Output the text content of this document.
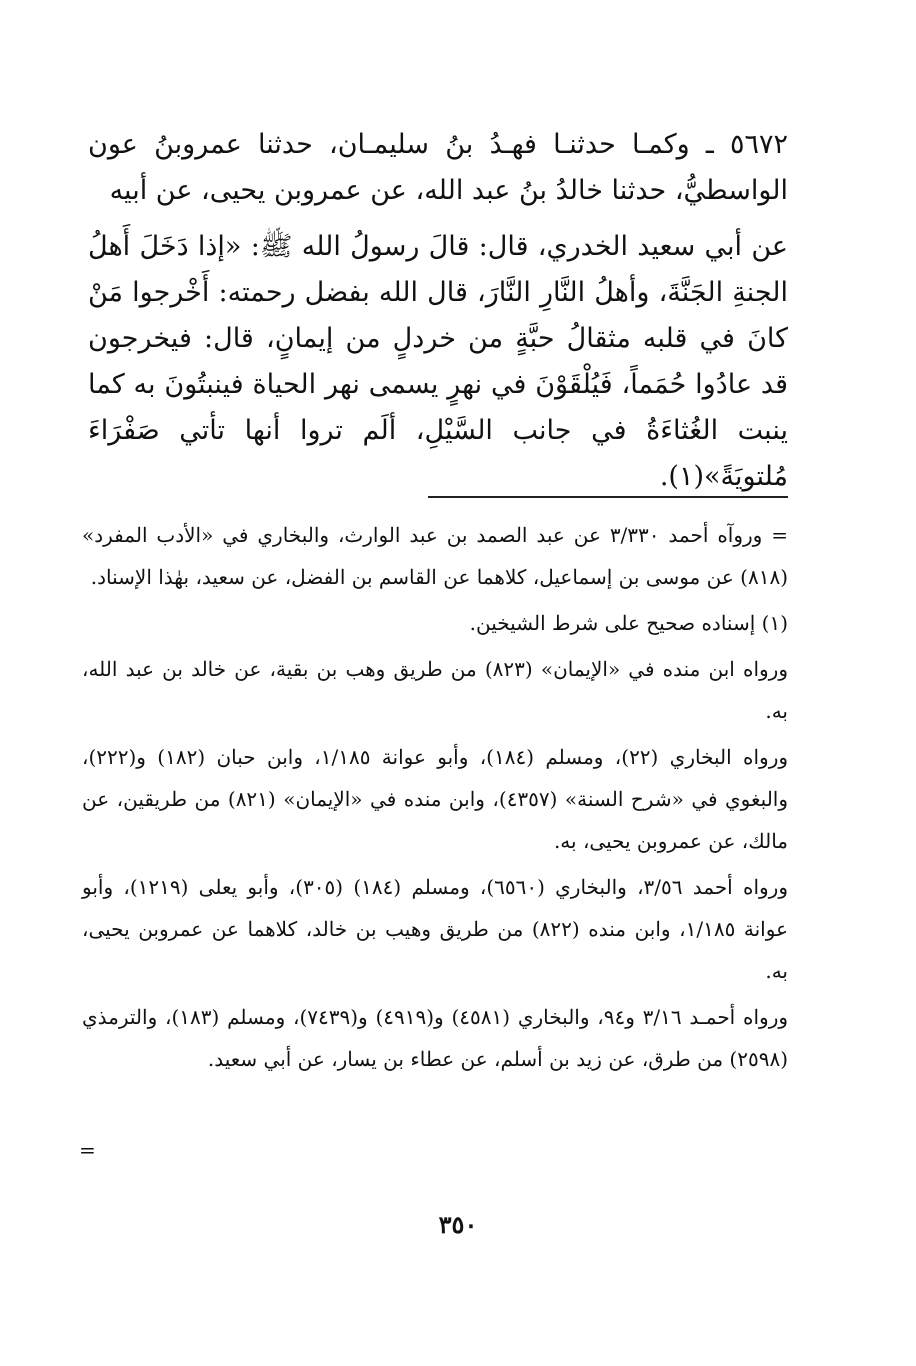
٥٦٧٢ ـ وكمـا حدثنـا فهـدُ بنُ سليمـان، حدثنا عمروبنُ عون الواسطيُّ، حدثنا خالدُ بنُ عبد الله، عن عمروبن يحيى، عن أبيه

عن أبي سعيد الخدري، قال: قالَ رسولُ الله ﷺ: «إذا دَخَلَ أَهلُ الجنةِ الجَنَّةَ، وأهلُ النَّارِ النَّارَ، قال الله بفضل رحمته: أَخْرجوا مَنْ كانَ في قلبه مثقالُ حبَّةٍ من خردلٍ من إيمانٍ، قال: فيخرجون قد عادُوا حُمَماً، فَيُلْقَوْنَ في نهرٍ يسمى نهر الحياة فينبتُونَ به كما ينبت الغُثاءَةُ في جانب السَّيْلِ، ألَم تروا أنها تأتي صَفْرَاءَ مُلتويَةً»(١).

= وروآه أحمد ٣/٣٣٠ عن عبد الصمد بن عبد الوارث، والبخاري في «الأدب المفرد» (٨١٨) عن موسى بن إسماعيل، كلاهما عن القاسم بن الفضل، عن سعيد، بهٰذا الإسناد.

(١) إسناده صحيح على شرط الشيخين.

ورواه ابن منده في «الإيمان» (٨٢٣) من طريق وهب بن بقية، عن خالد بن عبد الله، به.

ورواه البخاري (٢٢)، ومسلم (١٨٤)، وأبو عوانة ١/١٨٥، وابن حبان (١٨٢) و(٢٢٢)، والبغوي في «شرح السنة» (٤٣٥٧)، وابن منده في «الإيمان» (٨٢١) من طريقين، عن مالك، عن عمروبن يحيى، به.

ورواه أحمد ٣/٥٦، والبخاري (٦٥٦٠)، ومسلم (١٨٤) (٣٠٥)، وأبو يعلى (١٢١٩)، وأبو عوانة ١/١٨٥، وابن منده (٨٢٢) من طريق وهيب بن خالد، كلاهما عن عمروبن يحيى، به.

ورواه أحمـد ٣/١٦ و٩٤، والبخاري (٤٥٨١) و(٤٩١٩) و(٧٤٣٩)، ومسلم (١٨٣)، والترمذي (٢٥٩٨) من طرق، عن زيد بن أسلم، عن عطاء بن يسار، عن أبي سعيد.

=
٣٥٠
